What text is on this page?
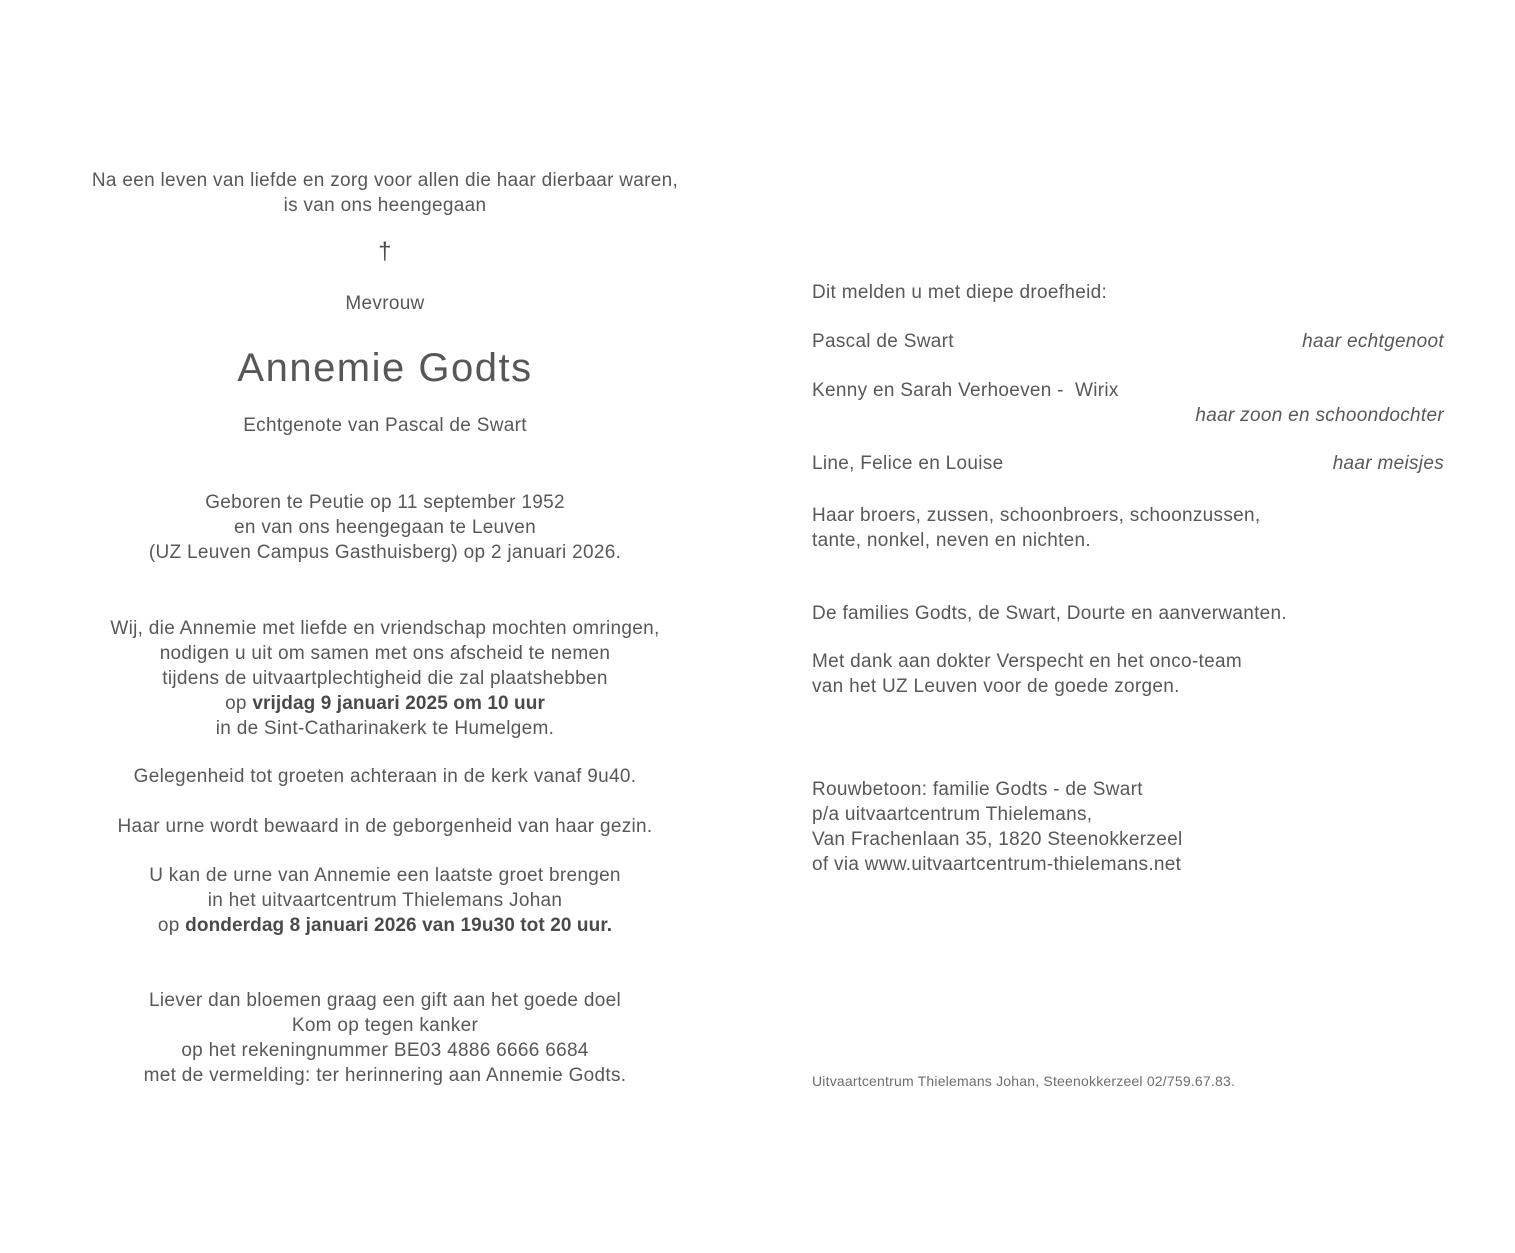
Na een leven van liefde en zorg voor allen die haar dierbaar waren,
is van ons heengegaan
†
Mevrouw
Annemie Godts
Echtgenote van Pascal de Swart
Geboren te Peutie op 11 september 1952
en van ons heengegaan te Leuven
(UZ Leuven Campus Gasthuisberg) op 2 januari 2026.
Wij, die Annemie met liefde en vriendschap mochten omringen,
nodigen u uit om samen met ons afscheid te nemen
tijdens de uitvaartplechtigheid die zal plaatshebben
op vrijdag 9 januari 2025 om 10 uur
in de Sint-Catharinakerk te Humelgem.
Gelegenheid tot groeten achteraan in de kerk vanaf 9u40.
Haar urne wordt bewaard in de geborgenheid van haar gezin.
U kan de urne van Annemie een laatste groet brengen
in het uitvaartcentrum Thielemans Johan
op donderdag 8 januari 2026 van 19u30 tot 20 uur.
Liever dan bloemen graag een gift aan het goede doel
Kom op tegen kanker
op het rekeningnummer BE03 4886 6666 6684
met de vermelding: ter herinnering aan Annemie Godts.
Dit melden u met diepe droefheid:
Pascal de Swart	haar echtgenoot
Kenny en Sarah Verhoeven -  Wirix
haar zoon en schoondochter
Line, Felice en Louise	haar meisjes
Haar broers, zussen, schoonbroers, schoonzussen,
tante, nonkel, neven en nichten.
De families Godts, de Swart, Dourte en aanverwanten.
Met dank aan dokter Verspecht en het onco-team
van het UZ Leuven voor de goede zorgen.
Rouwbetoon: familie Godts - de Swart
p/a uitvaartcentrum Thielemans,
Van Frachenlaan 35, 1820 Steenokkerzeel
of via www.uitvaartcentrum-thielemans.net
Uitvaartcentrum Thielemans Johan, Steenokkerzeel 02/759.67.83.
